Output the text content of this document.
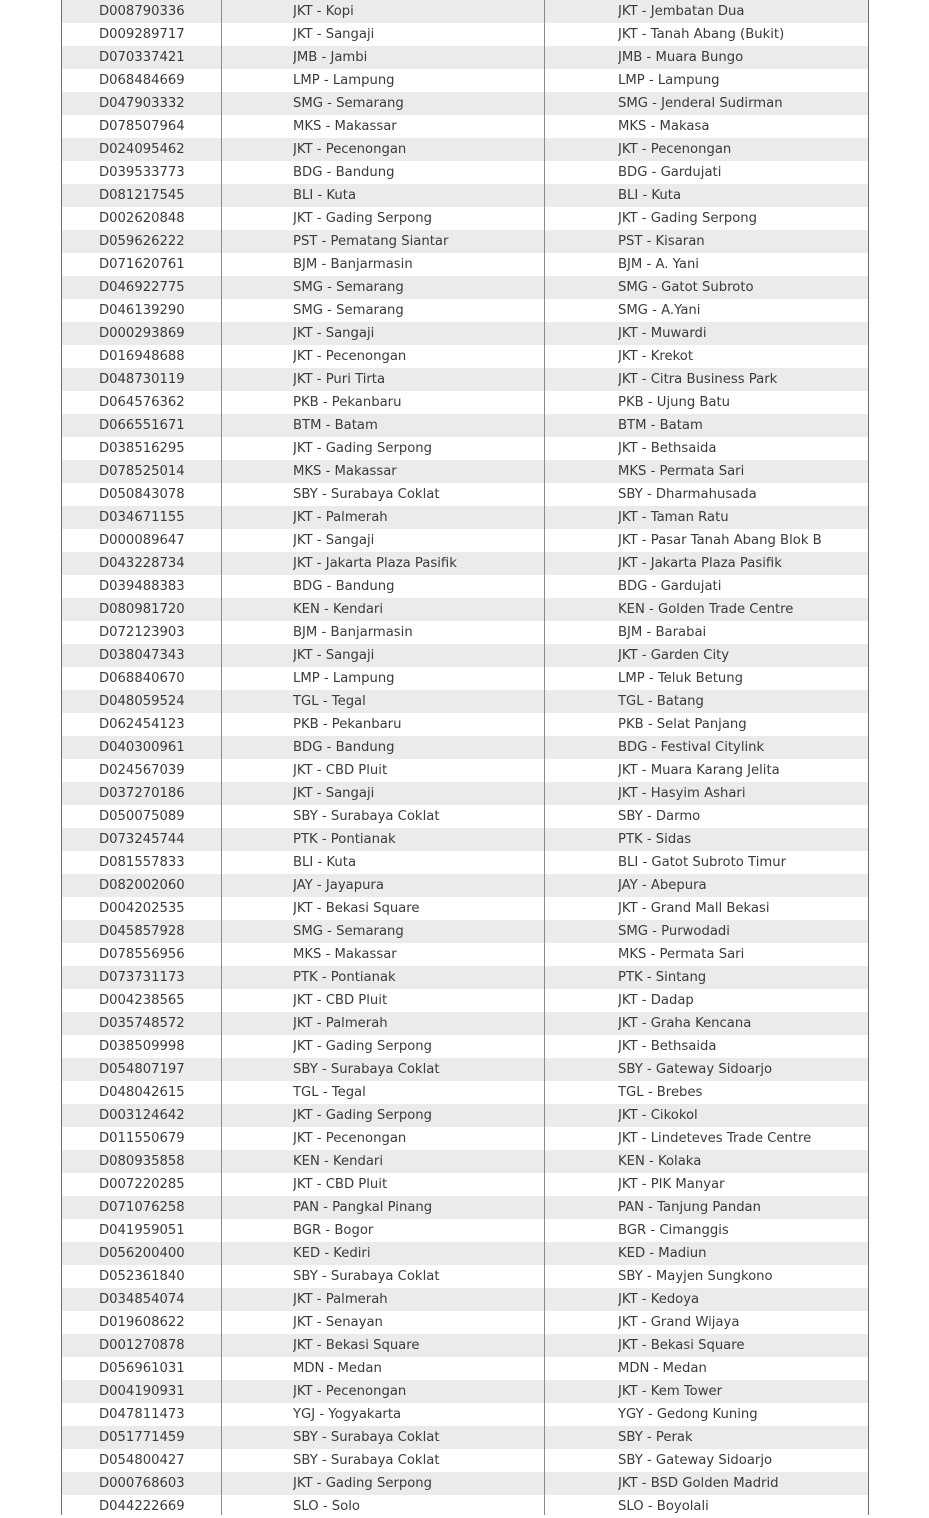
D008790336	JKT - Kopi	JKT - Jembatan Dua
D009289717	JKT - Sangaji	JKT - Tanah Abang (Bukit)
D070337421	JMB - Jambi	JMB - Muara Bungo
D068484669	LMP - Lampung	LMP - Lampung
D047903332	SMG - Semarang	SMG - Jenderal Sudirman
D078507964	MKS - Makassar	MKS - Makasa
D024095462	JKT - Pecenongan	JKT - Pecenongan
D039533773	BDG - Bandung	BDG - Gardujati
D081217545	BLI - Kuta	BLI - Kuta
D002620848	JKT - Gading Serpong	JKT - Gading Serpong
D059626222	PST - Pematang Siantar	PST - Kisaran
D071620761	BJM - Banjarmasin	BJM - A. Yani
D046922775	SMG - Semarang	SMG - Gatot Subroto
D046139290	SMG - Semarang	SMG - A.Yani
D000293869	JKT - Sangaji	JKT - Muwardi
D016948688	JKT - Pecenongan	JKT - Krekot
D048730119	JKT - Puri Tirta	JKT - Citra Business Park
D064576362	PKB - Pekanbaru	PKB - Ujung Batu
D066551671	BTM - Batam	BTM - Batam
D038516295	JKT - Gading Serpong	JKT - Bethsaida
D078525014	MKS - Makassar	MKS - Permata Sari
D050843078	SBY - Surabaya Coklat	SBY - Dharmahusada
D034671155	JKT - Palmerah	JKT - Taman Ratu
D000089647	JKT - Sangaji	JKT - Pasar Tanah Abang Blok B
D043228734	JKT - Jakarta Plaza Pasifik	JKT - Jakarta Plaza Pasifik
D039488383	BDG - Bandung	BDG - Gardujati
D080981720	KEN - Kendari	KEN - Golden Trade Centre
D072123903	BJM - Banjarmasin	BJM - Barabai
D038047343	JKT - Sangaji	JKT - Garden City
D068840670	LMP - Lampung	LMP - Teluk Betung
D048059524	TGL - Tegal	TGL - Batang
D062454123	PKB - Pekanbaru	PKB - Selat Panjang
D040300961	BDG - Bandung	BDG - Festival Citylink
D024567039	JKT - CBD Pluit	JKT - Muara Karang Jelita
D037270186	JKT - Sangaji	JKT - Hasyim Ashari
D050075089	SBY - Surabaya Coklat	SBY - Darmo
D073245744	PTK - Pontianak	PTK - Sidas
D081557833	BLI - Kuta	BLI - Gatot Subroto Timur
D082002060	JAY - Jayapura	JAY - Abepura
D004202535	JKT - Bekasi Square	JKT - Grand Mall Bekasi
D045857928	SMG - Semarang	SMG - Purwodadi
D078556956	MKS - Makassar	MKS - Permata Sari
D073731173	PTK - Pontianak	PTK - Sintang
D004238565	JKT - CBD Pluit	JKT - Dadap
D035748572	JKT - Palmerah	JKT - Graha Kencana
D038509998	JKT - Gading Serpong	JKT - Bethsaida
D054807197	SBY - Surabaya Coklat	SBY - Gateway Sidoarjo
D048042615	TGL - Tegal	TGL - Brebes
D003124642	JKT - Gading Serpong	JKT - Cikokol
D011550679	JKT - Pecenongan	JKT - Lindeteves Trade Centre
D080935858	KEN - Kendari	KEN - Kolaka
D007220285	JKT - CBD Pluit	JKT - PIK Manyar
D071076258	PAN - Pangkal Pinang	PAN - Tanjung Pandan
D041959051	BGR - Bogor	BGR - Cimanggis
D056200400	KED - Kediri	KED - Madiun
D052361840	SBY - Surabaya Coklat	SBY - Mayjen Sungkono
D034854074	JKT - Palmerah	JKT - Kedoya
D019608622	JKT - Senayan	JKT - Grand Wijaya
D001270878	JKT - Bekasi Square	JKT - Bekasi Square
D056961031	MDN - Medan	MDN - Medan
D004190931	JKT - Pecenongan	JKT - Kem Tower
D047811473	YGJ - Yogyakarta	YGY - Gedong Kuning
D051771459	SBY - Surabaya Coklat	SBY - Perak
D054800427	SBY - Surabaya Coklat	SBY - Gateway Sidoarjo
D000768603	JKT - Gading Serpong	JKT - BSD Golden Madrid
D044222669	SLO - Solo	SLO - Boyolali
